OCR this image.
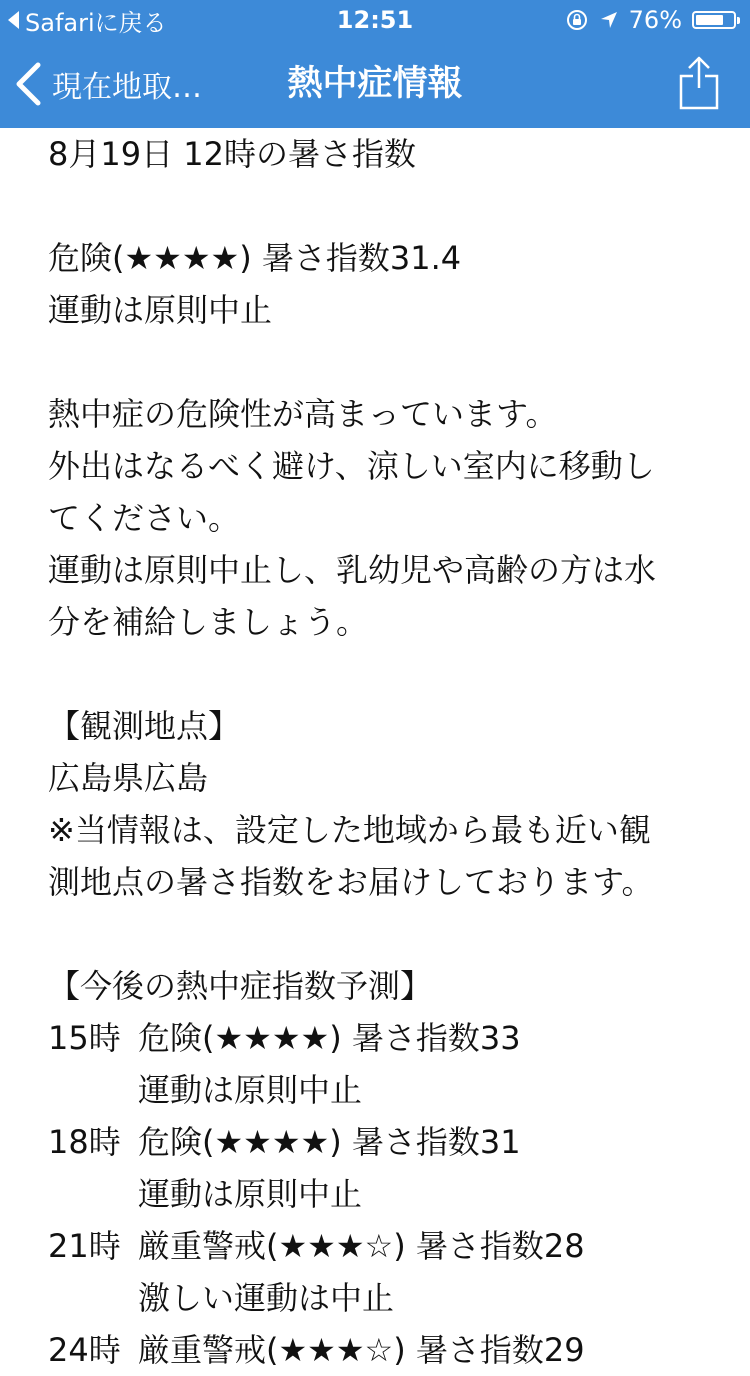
Safariに戻る	12:51	76%
現在地取…	熱中症情報
8月19日 12時の暑さ指数
危険(★★★★) 暑さ指数31.4
運動は原則中止
熱中症の危険性が高まっています。
外出はなるべく避け、涼しい室内に移動し
てください。
運動は原則中止し、乳幼児や高齢の方は水
分を補給しましょう。
【観測地点】
広島県広島
※当情報は、設定した地域から最も近い観
測地点の暑さ指数をお届けしております。
【今後の熱中症指数予測】
15時 危険(★★★★) 暑さ指数33
運動は原則中止
18時 危険(★★★★) 暑さ指数31
運動は原則中止
21時 厳重警戒(★★★☆) 暑さ指数28
激しい運動は中止
24時 厳重警戒(★★★☆) 暑さ指数29
